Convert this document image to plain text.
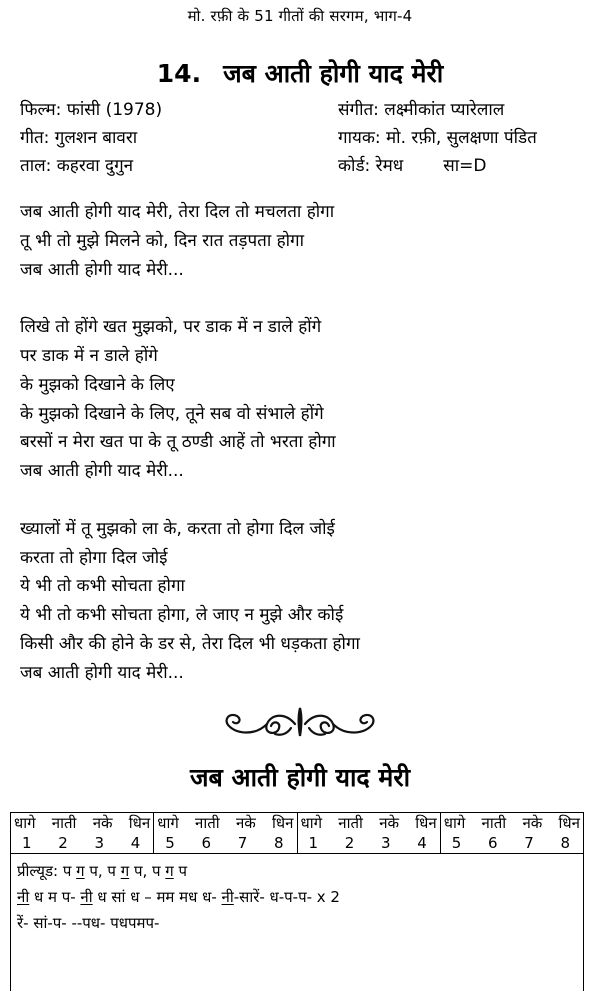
मो. रफ़ी के 51 गीतों की सरगम, भाग-4
14. जब आती होगी याद मेरी
फिल्म: फांसी (1978)
गीत: गुलशन बावरा
ताल: कहरवा दुगुन
संगीत: लक्ष्मीकांत प्यारेलाल
गायक: मो. रफ़ी, सुलक्षणा पंडित
कोर्ड: रेमध सा=D
जब आती होगी याद मेरी, तेरा दिल तो मचलता होगा
तू भी तो मुझे मिलने को, दिन रात तड़पता होगा
जब आती होगी याद मेरी...
लिखे तो होंगे खत मुझको, पर डाक में न डाले होंगे
पर डाक में न डाले होंगे
के मुझको दिखाने के लिए
के मुझको दिखाने के लिए, तूने सब वो संभाले होंगे
बरसों न मेरा खत पा के तू ठण्डी आहें तो भरता होगा
जब आती होगी याद मेरी...
ख्यालों में तू मुझको ला के, करता तो होगा दिल जोई
करता तो होगा दिल जोई
ये भी तो कभी सोचता होगा
ये भी तो कभी सोचता होगा, ले जाए न मुझे और कोई
किसी और की होने के डर से, तेरा दिल भी धड़कता होगा
जब आती होगी याद मेरी...
जब आती होगी याद मेरी
धागे नाती नके धिन
1 2 3 4
धागे नाती नके धिन
5 6 7 8
धागे नाती नके धिन
1 2 3 4
धागे नाती नके धिन
5 6 7 8
प्रील्यूड: प ग प, प ग प, प ग प
नी ध म प- नी ध सां ध – मम मध ध- नी-सारें- ध-प-प- x 2
रें- सां-प- --पध- पधपमप-
